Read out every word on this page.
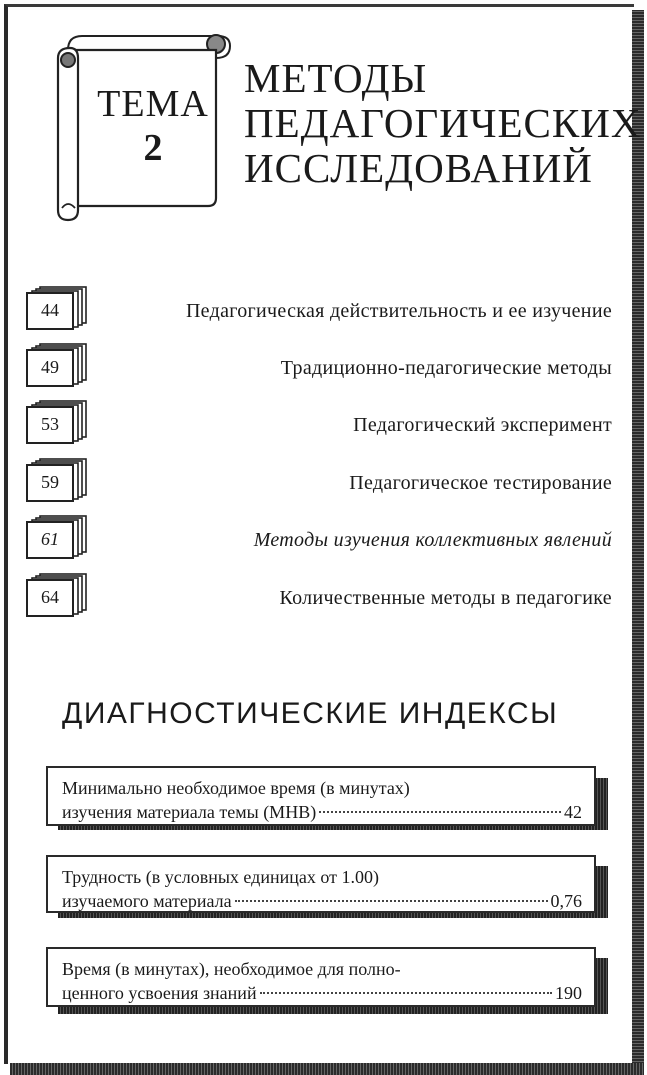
ТЕМА
2
МЕТОДЫ
ПЕДАГОГИЧЕСКИХ
ИССЛЕДОВАНИЙ
44	Педагогическая действительность и ее изучение
49	Традиционно-педагогические методы
53	Педагогический эксперимент
59	Педагогическое тестирование
61	Методы изучения коллективных явлений
64	Количественные методы в педагогике
ДИАГНОСТИЧЕСКИЕ ИНДЕКСЫ
Минимально необходимое время (в минутах)
изучения материала темы (МНВ)	42
Трудность (в условных единицах от 1.00)
изучаемого материала	0,76
Время (в минутах), необходимое для полно-
ценного усвоения знаний	190
